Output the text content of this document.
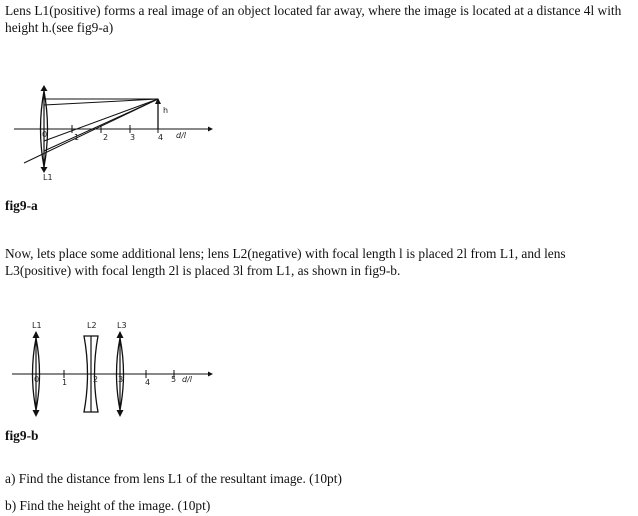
Lens L1(positive) forms a real image of an object located far away, where the image is located at a distance 4l with height h.(see fig9-a)

0	1	2	3	4
h
d/l
L1
fig9-a

Now, lets place some additional lens; lens L2(negative) with focal length l is placed 2l from L1, and lens L3(positive) with focal length 2l is placed 3l from L1, as shown in fig9-b.

0	1	2 3	4	5 d/l
L1	L2	L3
fig9-b

a) Find the distance from lens L1 of the resultant image. (10pt)

b) Find the height of the image. (10pt)
